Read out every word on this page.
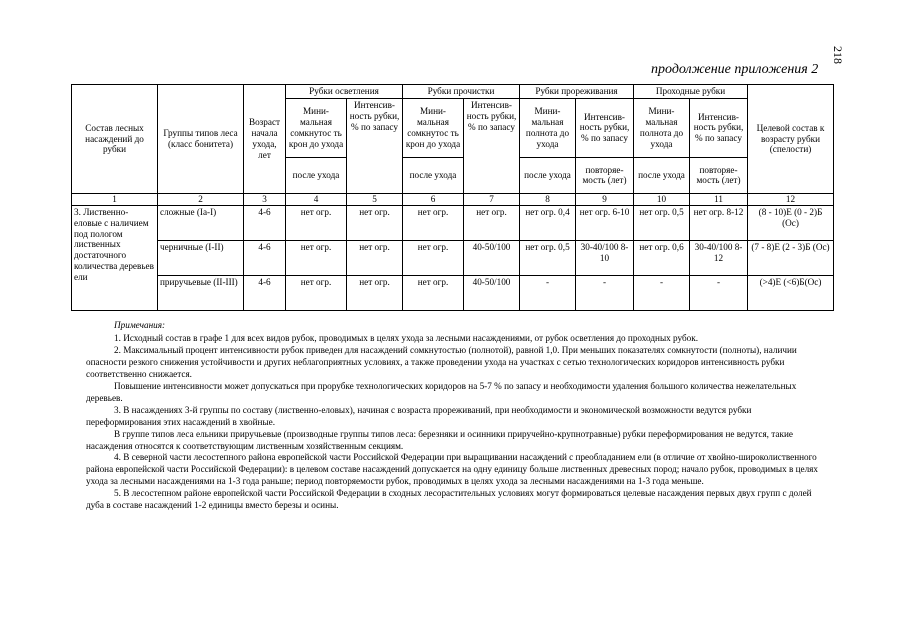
218
продолжение приложения 2
Состав лесных насаждений до рубки	Группы типов леса (класс бонитета)	Возраст начала ухода, лет	Рубки осветления		Рубки прочистки		Рубки прореживания		Проходные рубки		Целевой состав к возрасту рубки (спелости)
			Мини-мальная сомкнутос ть крон до ухода	Интенсив-ность рубки, % по запасу	Мини-мальная сомкнутос ть крон до ухода	Интенсив-ность рубки, % по запасу	Мини-мальная полнота до ухода	Интенсив-ность рубки, % по запасу	Мини-мальная полнота до ухода	Интенсив-ность рубки, % по запасу	
			после ухода		после ухода		после ухода	повторяе-мость (лет)	после ухода	повторяе-мость (лет)	
1	2	3	4	5	6	7	8	9	10	11	12
3. Лиственно-еловые с наличием под пологом лиственных достаточного количества деревьев ели	сложные (Iа-I)	4-6	нет огр.	нет огр.	нет огр.	нет огр.	нет огр. 0,4	нет огр. 6-10	нет огр. 0,5	нет огр. 8-12	(8 - 10)Е (0 - 2)Б (Ос)
	черничные (I-II)	4-6	нет огр.	нет огр.	нет огр.	40-50/100	нет огр. 0,5	30-40/100 8-10	нет огр. 0,6	30-40/100 8-12	(7 - 8)Е (2 - 3)Б (Ос)
	приручьевые (II-III)	4-6	нет огр.	нет огр.	нет огр.	40-50/100	-	-	-	-	(>4)Е (<6)Б(Ос)
Примечания:

1. Исходный состав в графе 1 для всех видов рубок, проводимых в целях ухода за лесными насаждениями, от рубок осветления до проходных рубок.

2. Максимальный процент интенсивности рубок приведен для насаждений сомкнутостью (полнотой), равной 1,0. При меньших показателях сомкнутости (полноты), наличии опасности резкого снижения устойчивости и других неблагоприятных условиях, а также проведении ухода на участках с сетью технологических коридоров интенсивность рубки соответственно снижается.

Повышение интенсивности может допускаться при прорубке технологических коридоров на 5-7 % по запасу и необходимости удаления большого количества нежелательных деревьев.

3. В насаждениях 3-й группы по составу (лиственно-еловых), начиная с возраста прореживаний, при необходимости и экономической возможности ведутся рубки переформирования этих насаждений в хвойные.

В группе типов леса ельники приручьевые (производные группы типов леса: березняки и осинники приручейно-крупнотравные) рубки переформирования не ведутся, такие насаждения относятся к соответствующим лиственным хозяйственным секциям.

4. В северной части лесостепного района европейской части Российской Федерации при выращивании насаждений с преобладанием ели (в отличие от хвойно-широколиственного района европейской части Российской Федерации): в целевом составе насаждений допускается на одну единицу больше лиственных древесных пород; начало рубок, проводимых в целях ухода за лесными насаждениями на 1-3 года раньше; период повторяемости рубок, проводимых в целях ухода за лесными насаждениями на 1-3 года меньше.

5. В лесостепном районе европейской части Российской Федерации в сходных лесорастительных условиях могут формироваться целевые насаждения первых двух групп с долей дуба в составе насаждений 1-2 единицы вместо березы и осины.
